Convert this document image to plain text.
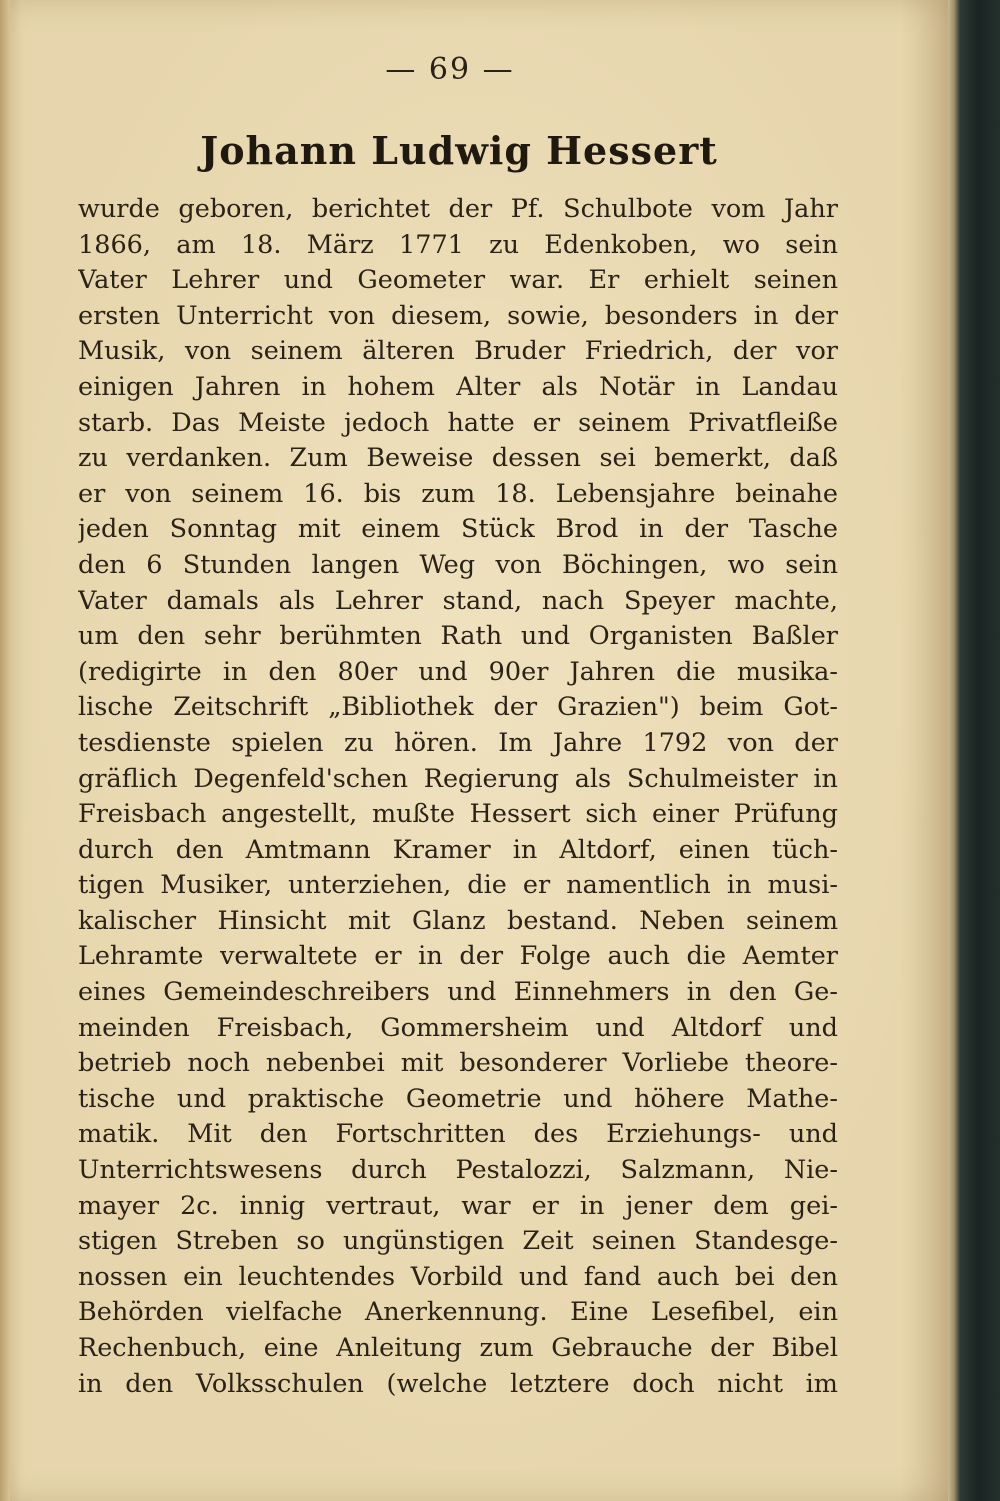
— 69 —
Johann Ludwig Hessert
wurde geboren, berichtet der Pf. Schulbote vom Jahr
1866, am 18. März 1771 zu Edenkoben, wo sein
Vater Lehrer und Geometer war. Er erhielt seinen
ersten Unterricht von diesem, sowie, besonders in der
Musik, von seinem älteren Bruder Friedrich, der vor
einigen Jahren in hohem Alter als Notär in Landau
starb. Das Meiste jedoch hatte er seinem Privatfleiße
zu verdanken. Zum Beweise dessen sei bemerkt, daß
er von seinem 16. bis zum 18. Lebensjahre beinahe
jeden Sonntag mit einem Stück Brod in der Tasche
den 6 Stunden langen Weg von Böchingen, wo sein
Vater damals als Lehrer stand, nach Speyer machte,
um den sehr berühmten Rath und Organisten Baßler
(redigirte in den 80er und 90er Jahren die musika-
lische Zeitschrift „Bibliothek der Grazien") beim Got-
tesdienste spielen zu hören. Im Jahre 1792 von der
gräflich Degenfeld'schen Regierung als Schulmeister in
Freisbach angestellt, mußte Hessert sich einer Prüfung
durch den Amtmann Kramer in Altdorf, einen tüch-
tigen Musiker, unterziehen, die er namentlich in musi-
kalischer Hinsicht mit Glanz bestand. Neben seinem
Lehramte verwaltete er in der Folge auch die Aemter
eines Gemeindeschreibers und Einnehmers in den Ge-
meinden Freisbach, Gommersheim und Altdorf und
betrieb noch nebenbei mit besonderer Vorliebe theore-
tische und praktische Geometrie und höhere Mathe-
matik. Mit den Fortschritten des Erziehungs- und
Unterrichtswesens durch Pestalozzi, Salzmann, Nie-
mayer 2c. innig vertraut, war er in jener dem gei-
stigen Streben so ungünstigen Zeit seinen Standesge-
nossen ein leuchtendes Vorbild und fand auch bei den
Behörden vielfache Anerkennung. Eine Lesefibel, ein
Rechenbuch, eine Anleitung zum Gebrauche der Bibel
in den Volksschulen (welche letztere doch nicht im
